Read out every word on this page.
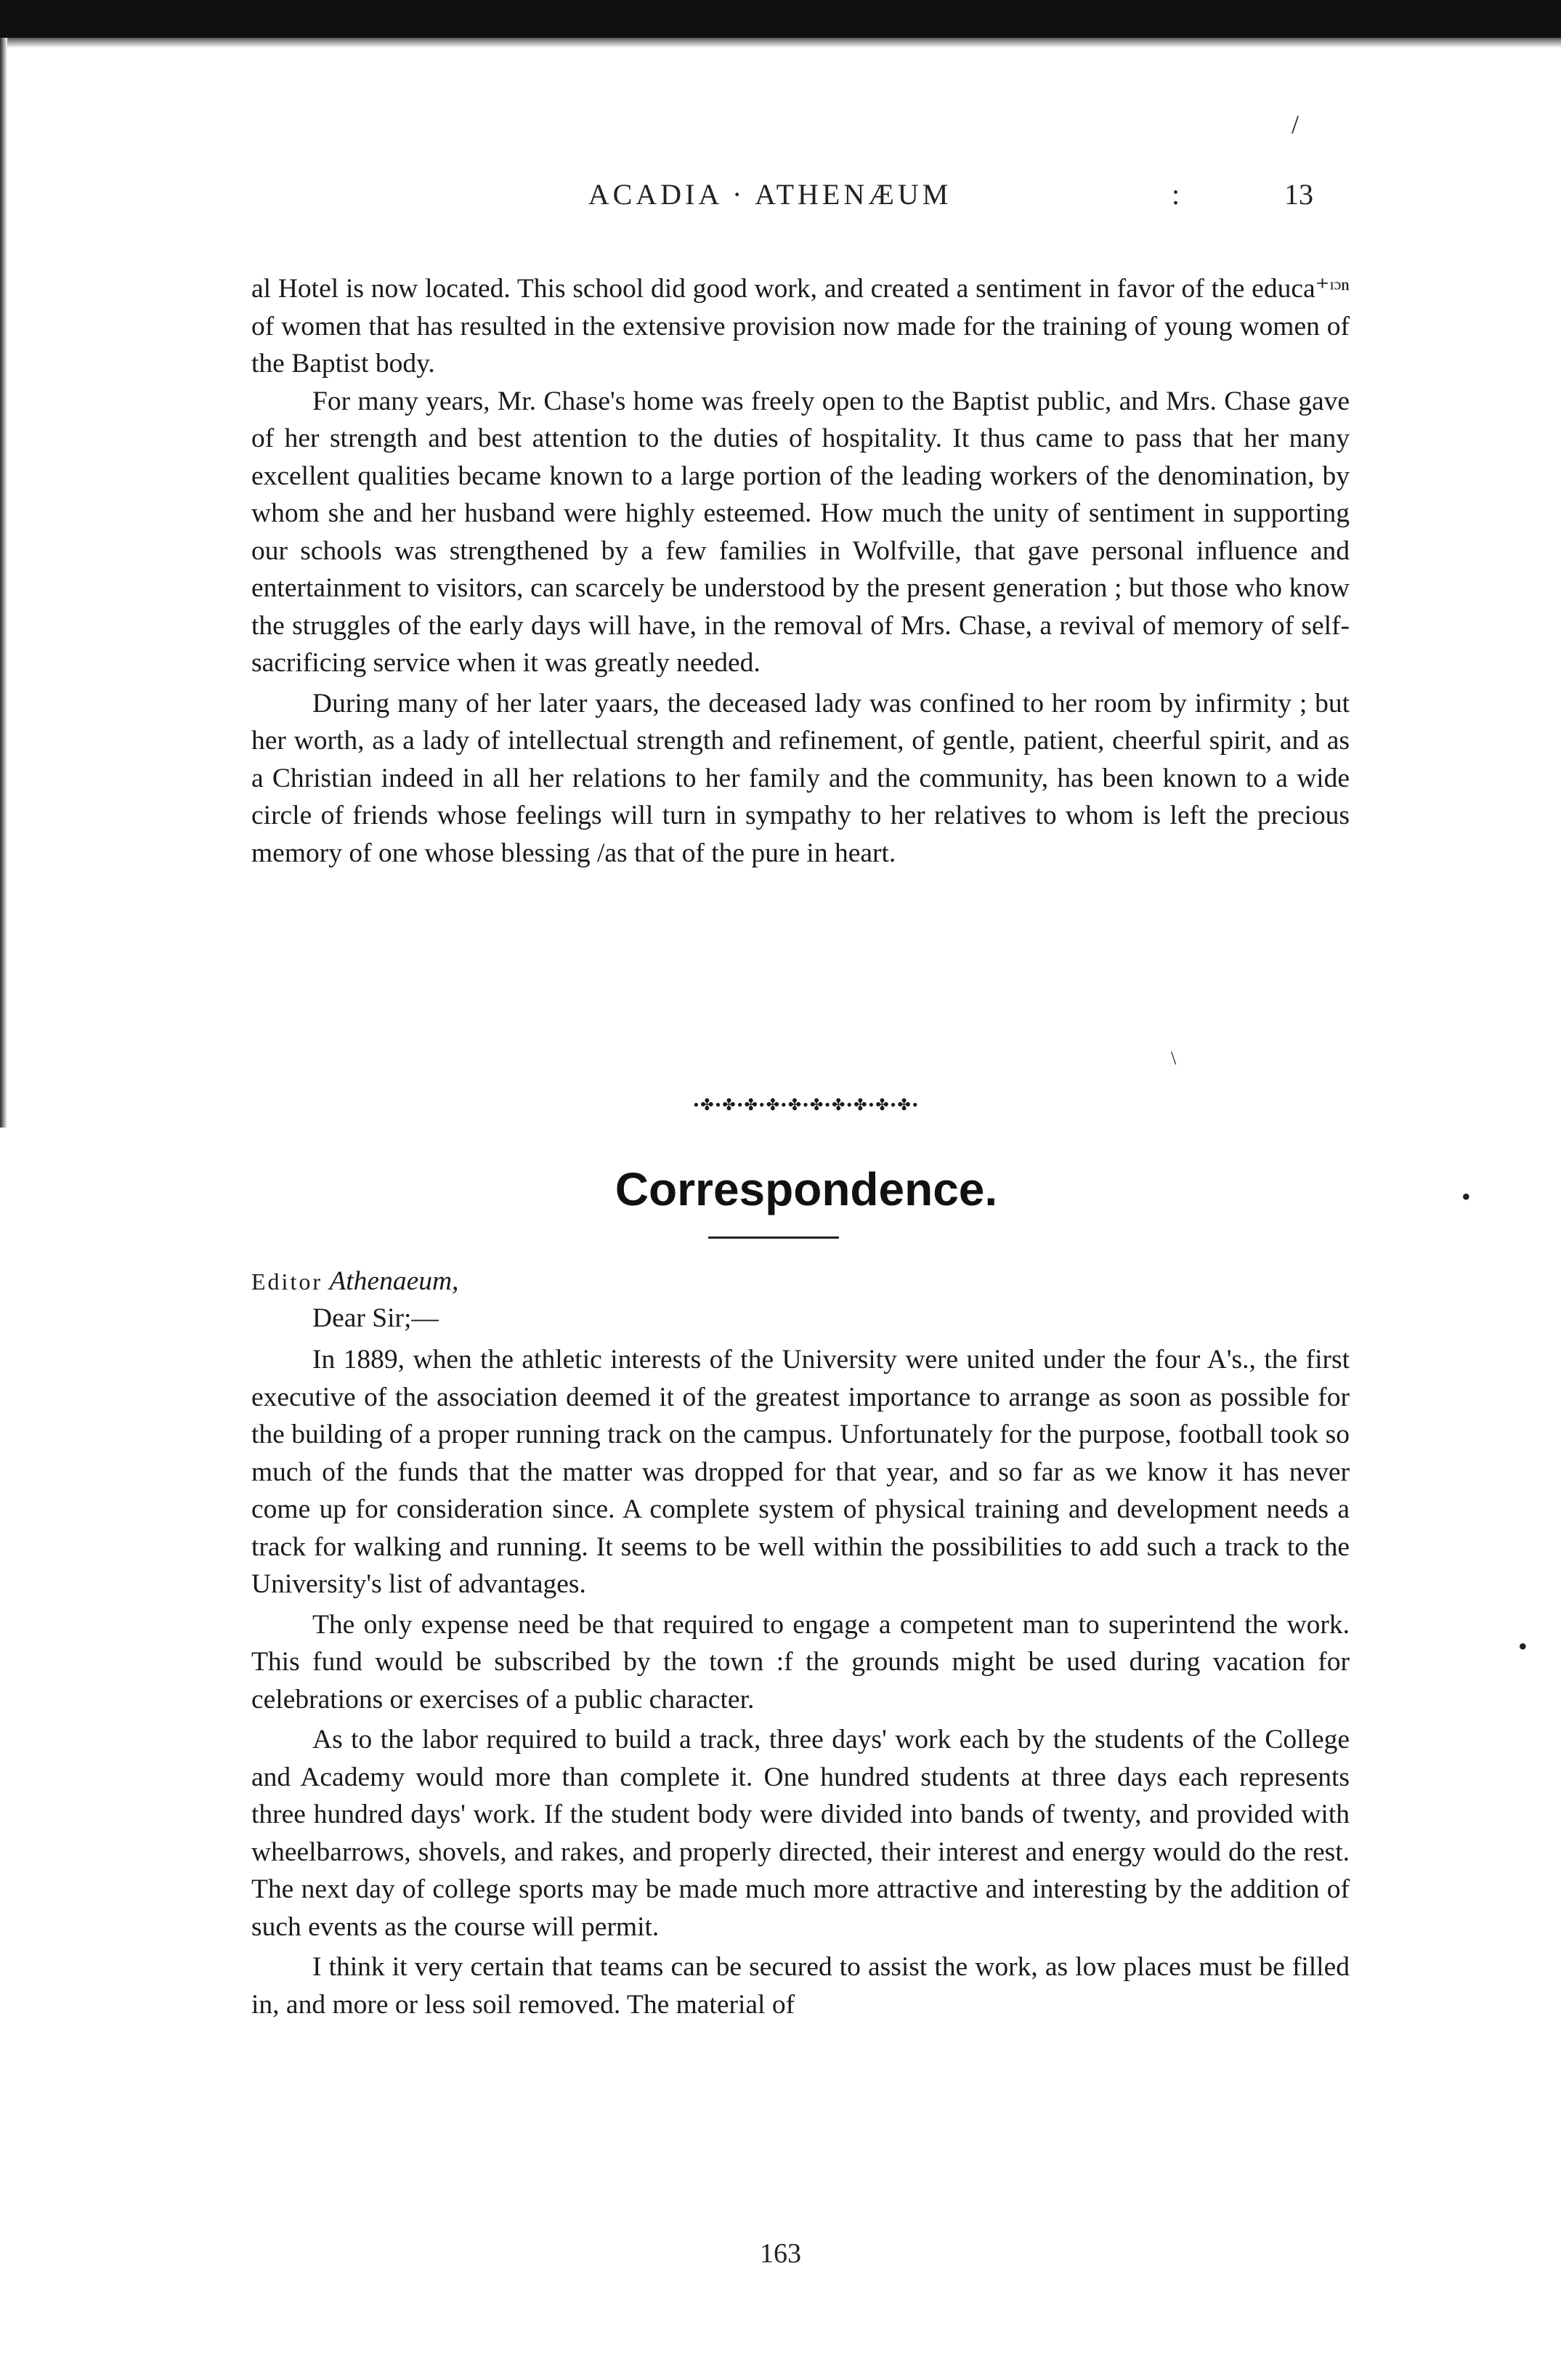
/
ACADIA · ATHENÆUM	13
:

al Hotel is now located. This school did good work, and created a sentiment in favor of the educa⁺ᶦᵓⁿ of women that has resulted in the extensive provision now made for the training of young women of the Baptist body.

For many years, Mr. Chase's home was freely open to the Baptist public, and Mrs. Chase gave of her strength and best attention to the duties of hospitality. It thus came to pass that her many excellent qualities became known to a large portion of the leading workers of the denomination, by whom she and her husband were highly esteemed. How much the unity of sentiment in supporting our schools was strengthened by a few families in Wolfville, that gave personal influence and entertainment to visitors, can scarcely be understood by the present generation ; but those who know the struggles of the early days will have, in the removal of Mrs. Chase, a revival of memory of self-sacrificing service when it was greatly needed.

During many of her later yaars, the deceased lady was confined to her room by infirmity ; but her worth, as a lady of intellectual strength and refinement, of gentle, patient, cheerful spirit, and as a Christian indeed in all her relations to her family and the community, has been known to a wide circle of friends whose feelings will turn in sympathy to her relatives to whom is left the precious memory of one whose blessing /as that of the pure in heart.

\
•✤•✤•✤•✤•✤•✤•✤•✤•✤•✤•
Correspondence.	•
•
Editor Athenaeum,
Dear Sir;—

In 1889, when the athletic interests of the University were united under the four A's., the first executive of the association deemed it of the greatest importance to arrange as soon as possible for the building of a proper running track on the campus. Unfortunately for the purpose, football took so much of the funds that the matter was dropped for that year, and so far as we know it has never come up for consideration since. A complete system of physical training and development needs a track for walking and running. It seems to be well within the possibilities to add such a track to the University's list of advantages.

The only expense need be that required to engage a competent man to superintend the work. This fund would be subscribed by the town :f the grounds might be used during vacation for celebrations or exercises of a public character.

As to the labor required to build a track, three days' work each by the students of the College and Academy would more than complete it. One hundred students at three days each represents three hundred days' work. If the student body were divided into bands of twenty, and provided with wheelbarrows, shovels, and rakes, and properly directed, their interest and energy would do the rest. The next day of college sports may be made much more attractive and interesting by the addition of such events as the course will permit.

I think it very certain that teams can be secured to assist the work, as low places must be filled in, and more or less soil removed. The material of

163
